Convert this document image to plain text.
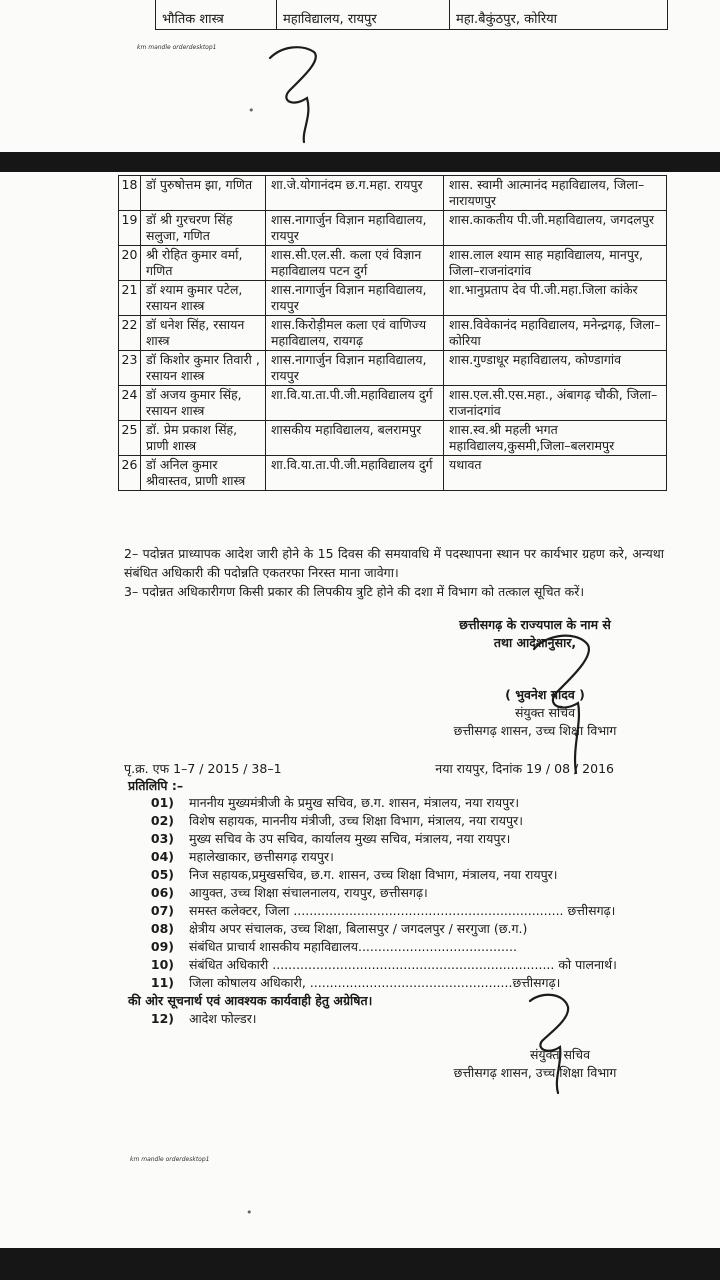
भौतिक शास्त्र	महाविद्यालय, रायपुर	महा.बैकुंठपुर, कोरिया
km mandle orderdesktop1
•
18	डॉ पुरुषोत्तम झा, गणित	शा.जे.योगानंदम छ.ग.महा. रायपुर	शास. स्वामी आत्मानंद महाविद्यालय, जिला–नारायणपुर
19	डॉ श्री गुरचरण सिंह सलुजा, गणित	शास.नागार्जुन विज्ञान महाविद्यालय, रायपुर	शास.काकतीय पी.जी.महाविद्यालय, जगदलपुर
20	श्री रोहित कुमार वर्मा, गणित	शास.सी.एल.सी. कला एवं विज्ञान महाविद्यालय पटन दुर्ग	शास.लाल श्याम साह महाविद्यालय, मानपुर, जिला–राजनांदगांव
21	डॉ श्याम कुमार पटेल, रसायन शास्त्र	शास.नागार्जुन विज्ञान महाविद्यालय, रायपुर	शा.भानुप्रताप देव पी.जी.महा.जिला कांकेर
22	डॉ धनेश सिंह, रसायन शास्त्र	शास.किरोड़ीमल कला एवं वाणिज्य महाविद्यालय, रायगढ़	शास.विवेकानंद महाविद्यालय, मनेन्द्रगढ़, जिला–कोरिया
23	डॉ किशोर कुमार तिवारी , रसायन शास्त्र	शास.नागार्जुन विज्ञान महाविद्यालय, रायपुर	शास.गुण्डाधूर महाविद्यालय, कोण्डागांव
24	डॉ अजय कुमार सिंह, रसायन शास्त्र	शा.वि.या.ता.पी.जी.महाविद्यालय दुर्ग	शास.एल.सी.एस.महा., अंबागढ़ चौकी, जिला–राजनांदगांव
25	डॉ. प्रेम प्रकाश सिंह, प्राणी शास्त्र	शासकीय महाविद्यालय, बलरामपुर	शास.स्व.श्री महली भगत महाविद्यालय,कुसमी,जिला–बलरामपुर
26	डॉ अनिल कुमार श्रीवास्तव, प्राणी शास्त्र	शा.वि.या.ता.पी.जी.महाविद्यालय दुर्ग	यथावत
2– पदोन्नत प्राध्यापक आदेश जारी होने के 15 दिवस की समयावधि में पदस्थापना स्थान पर कार्यभार ग्रहण करे, अन्यथा संबंधित अधिकारी की पदोन्नति एकतरफा निरस्त माना जावेगा।
3– पदोन्नत अधिकारीगण किसी प्रकार की लिपकीय त्रुटि होने की दशा में विभाग को तत्काल सूचित करें।
छत्तीसगढ़ के राज्यपाल के नाम से
तथा आदेशानुसार,
( भुवनेश यादव )
संयुक्त सचिव
छत्तीसगढ़ शासन, उच्च शिक्षा विभाग
पृ.क्र. एफ 1–7 / 2015 / 38–1	नया रायपुर, दिनांक 19 / 08 / 2016
प्रतिलिपि :–
01) माननीय मुख्यमंत्रीजी के प्रमुख सचिव, छ.ग. शासन, मंत्रालय, नया रायपुर।
02) विशेष सहायक, माननीय मंत्रीजी, उच्च शिक्षा विभाग, मंत्रालय, नया रायपुर।
03) मुख्य सचिव के उप सचिव, कार्यालय मुख्य सचिव, मंत्रालय, नया रायपुर।
04) महालेखाकार, छत्तीसगढ़ रायपुर।
05) निज सहायक,प्रमुखसचिव, छ.ग. शासन, उच्च शिक्षा विभाग, मंत्रालय, नया रायपुर।
06) आयुक्त, उच्च शिक्षा संचालनालय, रायपुर, छत्तीसगढ़।
07) समस्त कलेक्टर, जिला .................................................................... छत्तीसगढ़।
08) क्षेत्रीय अपर संचालक, उच्च शिक्षा, बिलासपुर / जगदलपुर / सरगुजा (छ.ग.)
09) संबंधित प्राचार्य शासकीय महाविद्यालय........................................
10) संबंधित अधिकारी ....................................................................... को पालनार्थ।
11) जिला कोषालय अधिकारी, ...................................................छत्तीसगढ़।
की ओर सूचनार्थ एवं आवश्यक कार्यवाही हेतु अग्रेषित।
12) आदेश फोल्डर।
संयुक्त सचिव
छत्तीसगढ़ शासन, उच्च शिक्षा विभाग
km mandle orderdesktop1
•
